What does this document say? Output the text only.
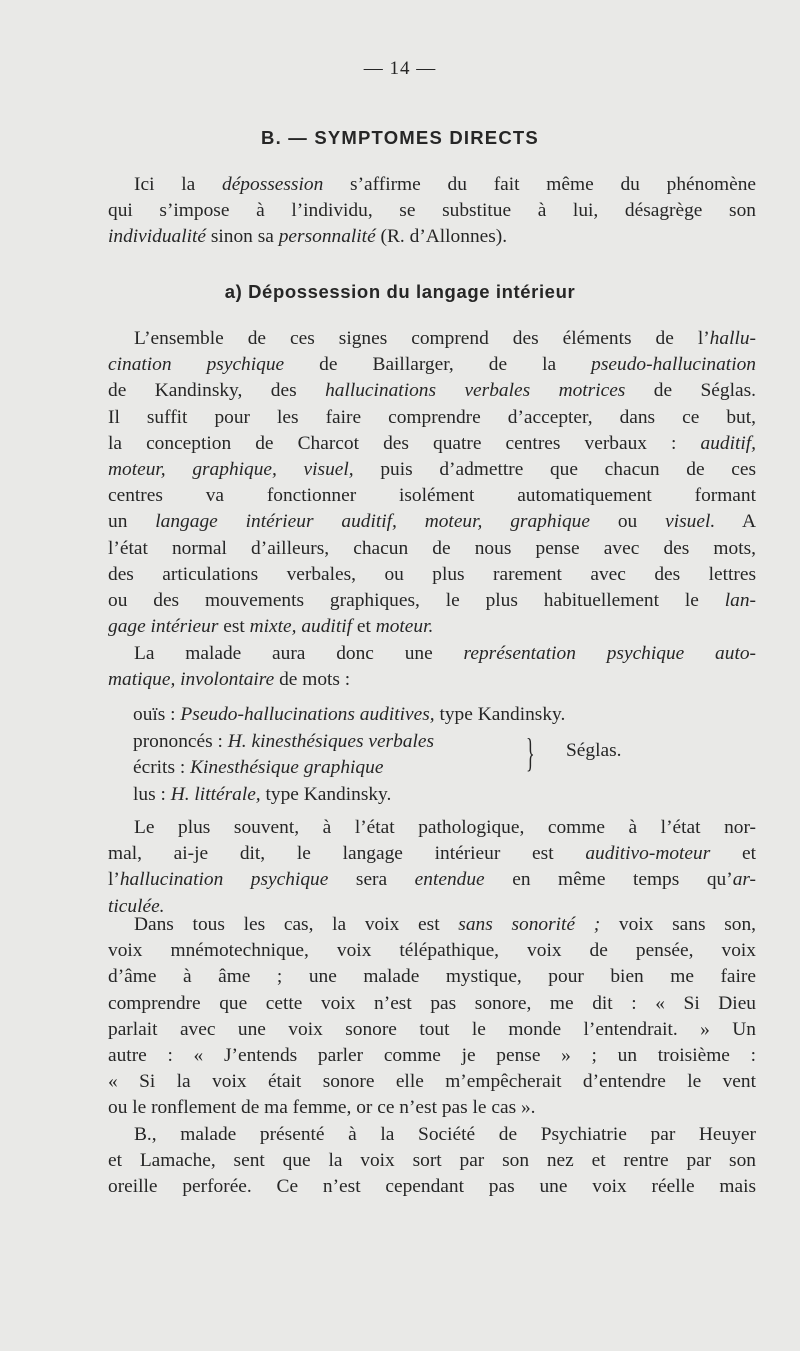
— 14 —
B. — SYMPTOMES DIRECTS

Ici la dépossession s’affirme du fait même du phénomène
qui s’impose à l’individu, se substitue à lui, désagrège son
individualité sinon sa personnalité (R. d’Allonnes).

a) Dépossession du langage intérieur

L’ensemble de ces signes comprend des éléments de l’hallu-
cination psychique de Baillarger, de la pseudo-hallucination
de Kandinsky, des hallucinations verbales motrices de Séglas.
Il suffit pour les faire comprendre d’accepter, dans ce but,
la conception de Charcot des quatre centres verbaux : auditif,
moteur, graphique, visuel, puis d’admettre que chacun de ces
centres va fonctionner isolément automatiquement formant
un langage intérieur auditif, moteur, graphique ou visuel. A
l’état normal d’ailleurs, chacun de nous pense avec des mots,
des articulations verbales, ou plus rarement avec des lettres
ou des mouvements graphiques, le plus habituellement le lan-
gage intérieur est mixte, auditif et moteur.

La malade aura donc une représentation psychique auto-
matique, involontaire de mots :

ouïs : Pseudo-hallucinations auditives, type Kandinsky.
prononcés : H. kinesthésiques verbales
écrits : Kinesthésique graphique
lus : H. littérale, type Kandinsky.
} Séglas.

Le plus souvent, à l’état pathologique, comme à l’état nor-
mal, ai-je dit, le langage intérieur est auditivo-moteur et
l’hallucination psychique sera entendue en même temps qu’ar-
ticulée.

Dans tous les cas, la voix est sans sonorité ; voix sans son,
voix mnémotechnique, voix télépathique, voix de pensée, voix
d’âme à âme ; une malade mystique, pour bien me faire
comprendre que cette voix n’est pas sonore, me dit : « Si Dieu
parlait avec une voix sonore tout le monde l’entendrait. » Un
autre : « J’entends parler comme je pense » ; un troisième :
« Si la voix était sonore elle m’empêcherait d’entendre le vent
ou le ronflement de ma femme, or ce n’est pas le cas ».

B., malade présenté à la Société de Psychiatrie par Heuyer
et Lamache, sent que la voix sort par son nez et rentre par son
oreille perforée. Ce n’est cependant pas une voix réelle mais
